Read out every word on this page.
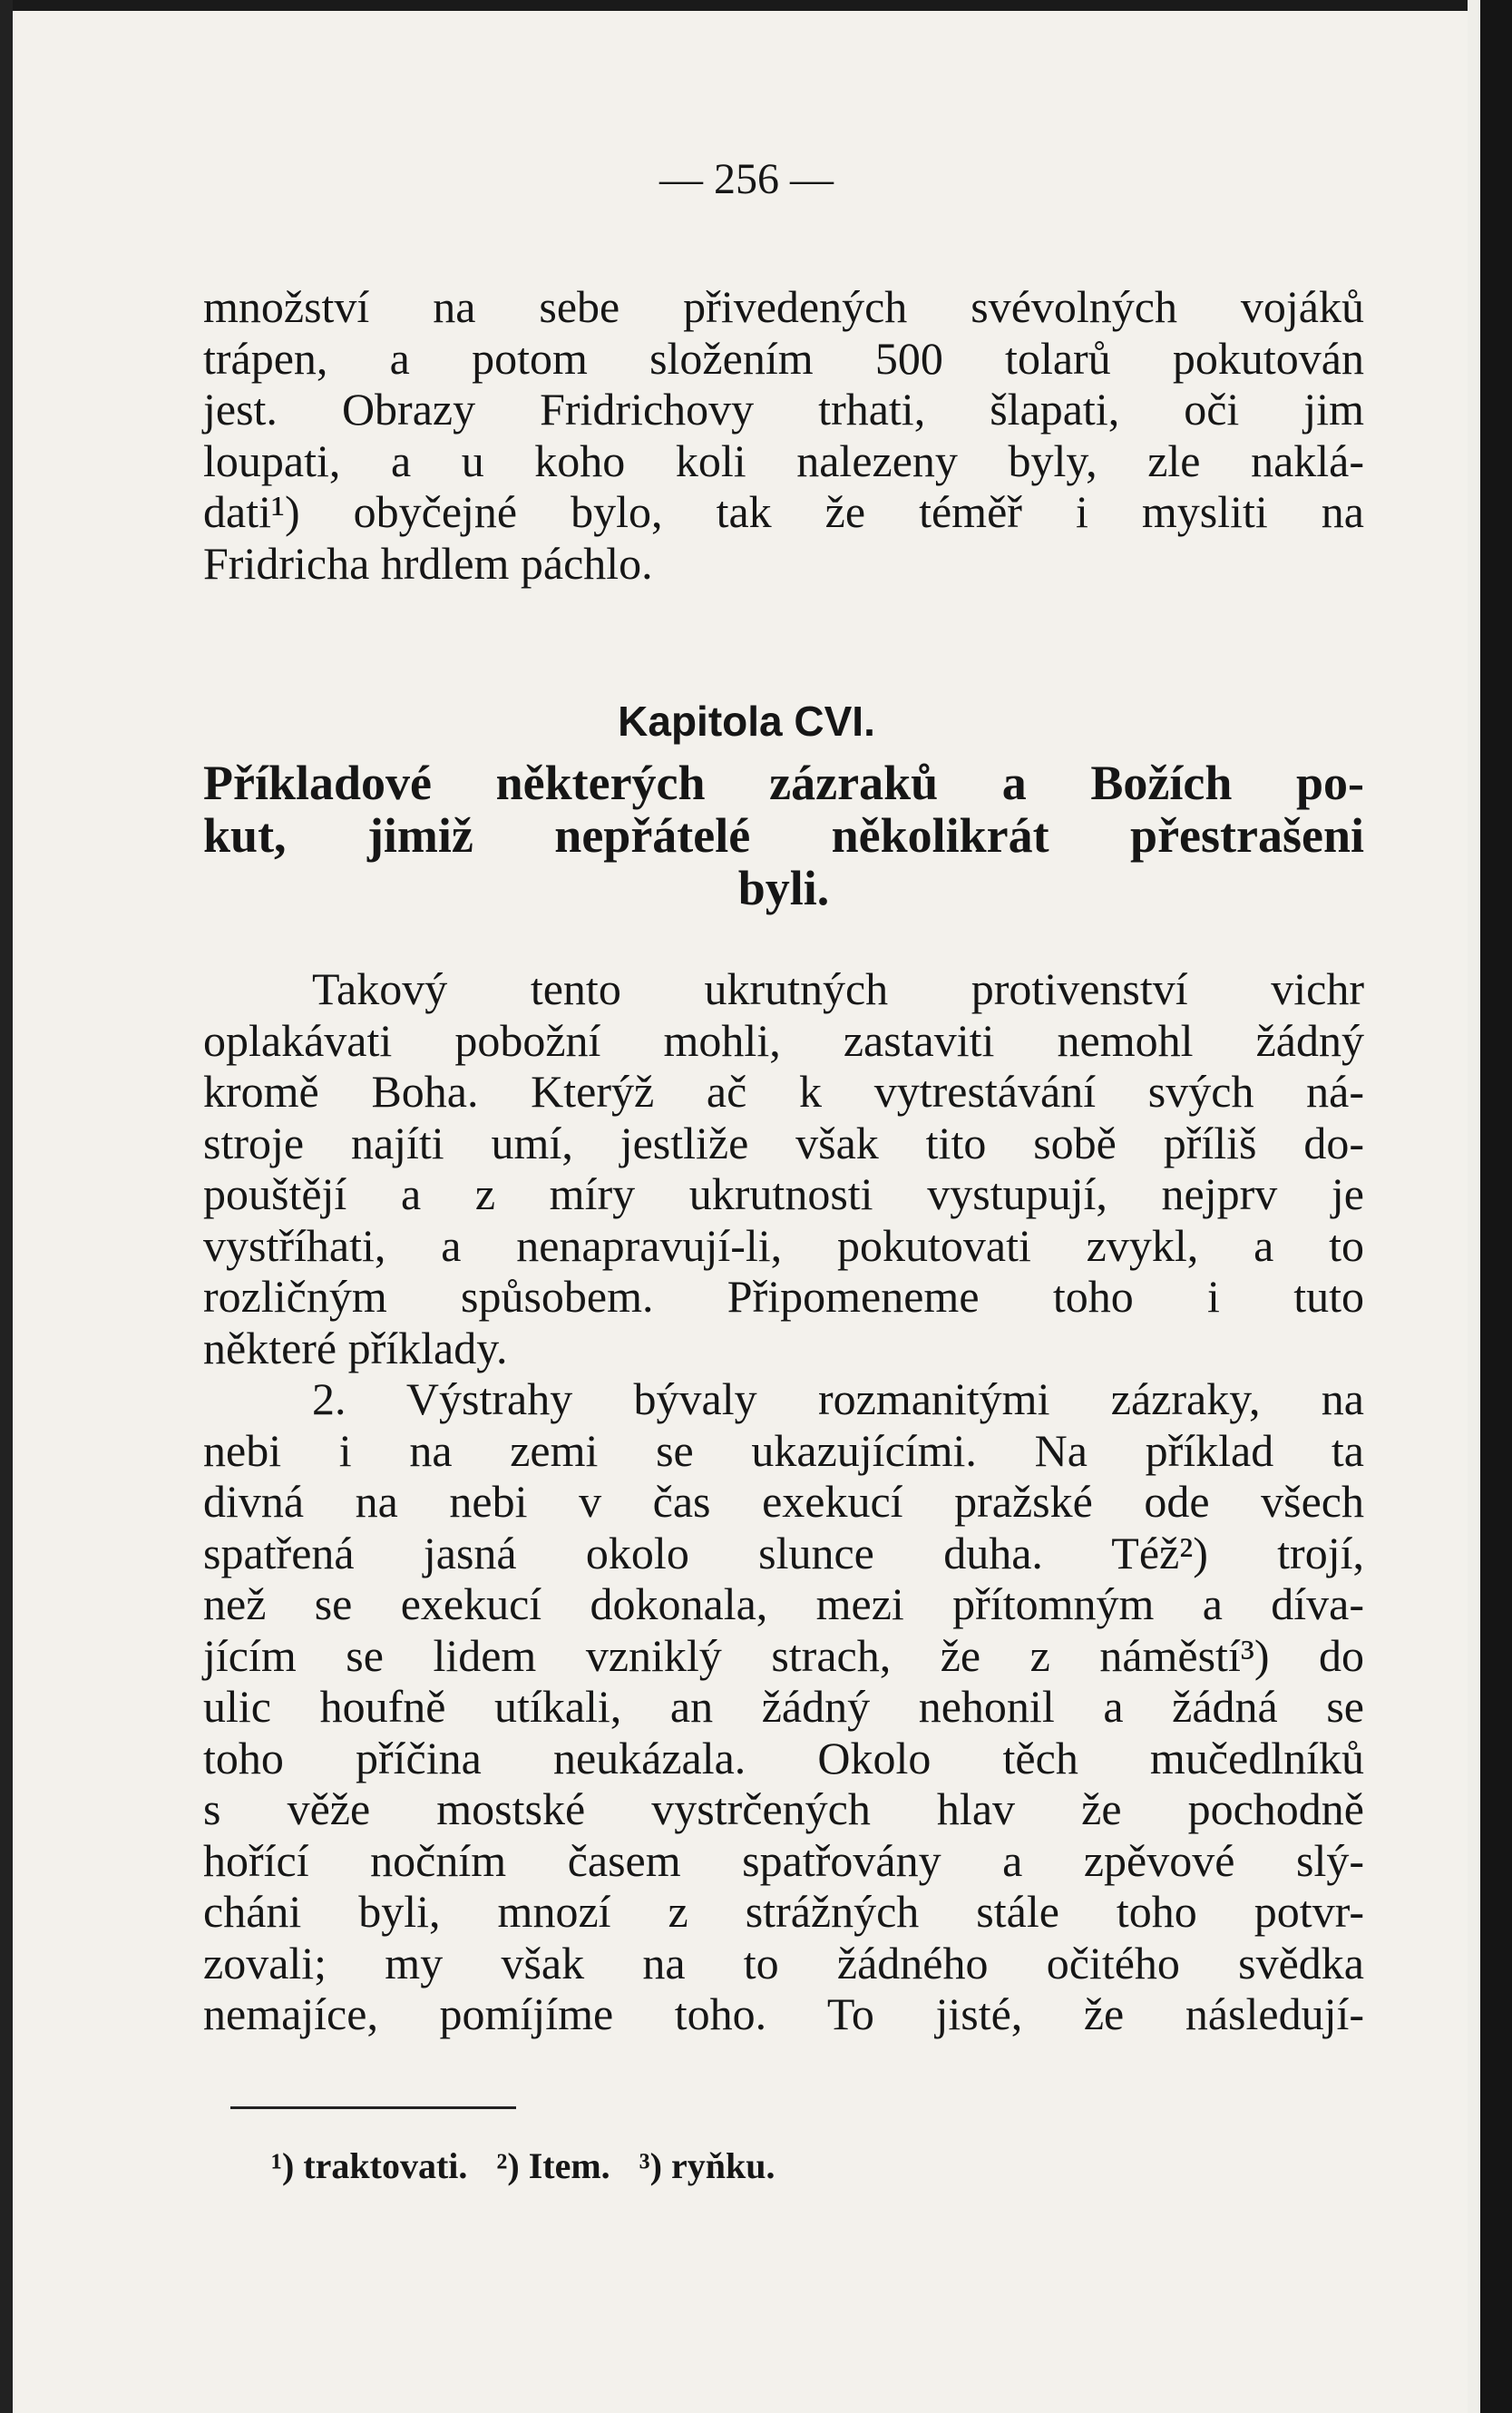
— 256 —

množství na sebe přivedených svévolných vojáků
trápen, a potom složením 500 tolarů pokutován
jest. Obrazy Fridrichovy trhati, šlapati, oči jim
loupati, a u koho koli nalezeny byly, zle naklá-
dati¹) obyčejné bylo, tak že téměř i mysliti na
Fridricha hrdlem páchlo.

Kapitola CVI.
Příkladové některých zázraků a Božích po-
kut, jimiž nepřátelé několikrát přestrašeni
byli.

Takový tento ukrutných protivenství vichr
oplakávati pobožní mohli, zastaviti nemohl žádný
kromě Boha. Kterýž ač k vytrestávání svých ná-
stroje najíti umí, jestliže však tito sobě příliš do-
pouštějí a z míry ukrutnosti vystupují, nejprv je
vystříhati, a nenapravují-li, pokutovati zvykl, a to
rozličným spůsobem. Připomeneme toho i tuto
některé příklady.

2. Výstrahy bývaly rozmanitými zázraky, na
nebi i na zemi se ukazujícími. Na příklad ta
divná na nebi v čas exekucí pražské ode všech
spatřená jasná okolo slunce duha. Též²) trojí,
než se exekucí dokonala, mezi přítomným a díva-
jícím se lidem vzniklý strach, že z náměstí³) do
ulic houfně utíkali, an žádný nehonil a žádná se
toho příčina neukázala. Okolo těch mučedlníků
s věže mostské vystrčených hlav že pochodně
hořící nočním časem spatřovány a zpěvové slý-
cháni byli, mnozí z strážných stále toho potvr-
zovali; my však na to žádného očitého svědka
nemajíce, pomíjíme toho. To jisté, že následují-

¹) traktovati. ²) Item. ³) ryňku.
